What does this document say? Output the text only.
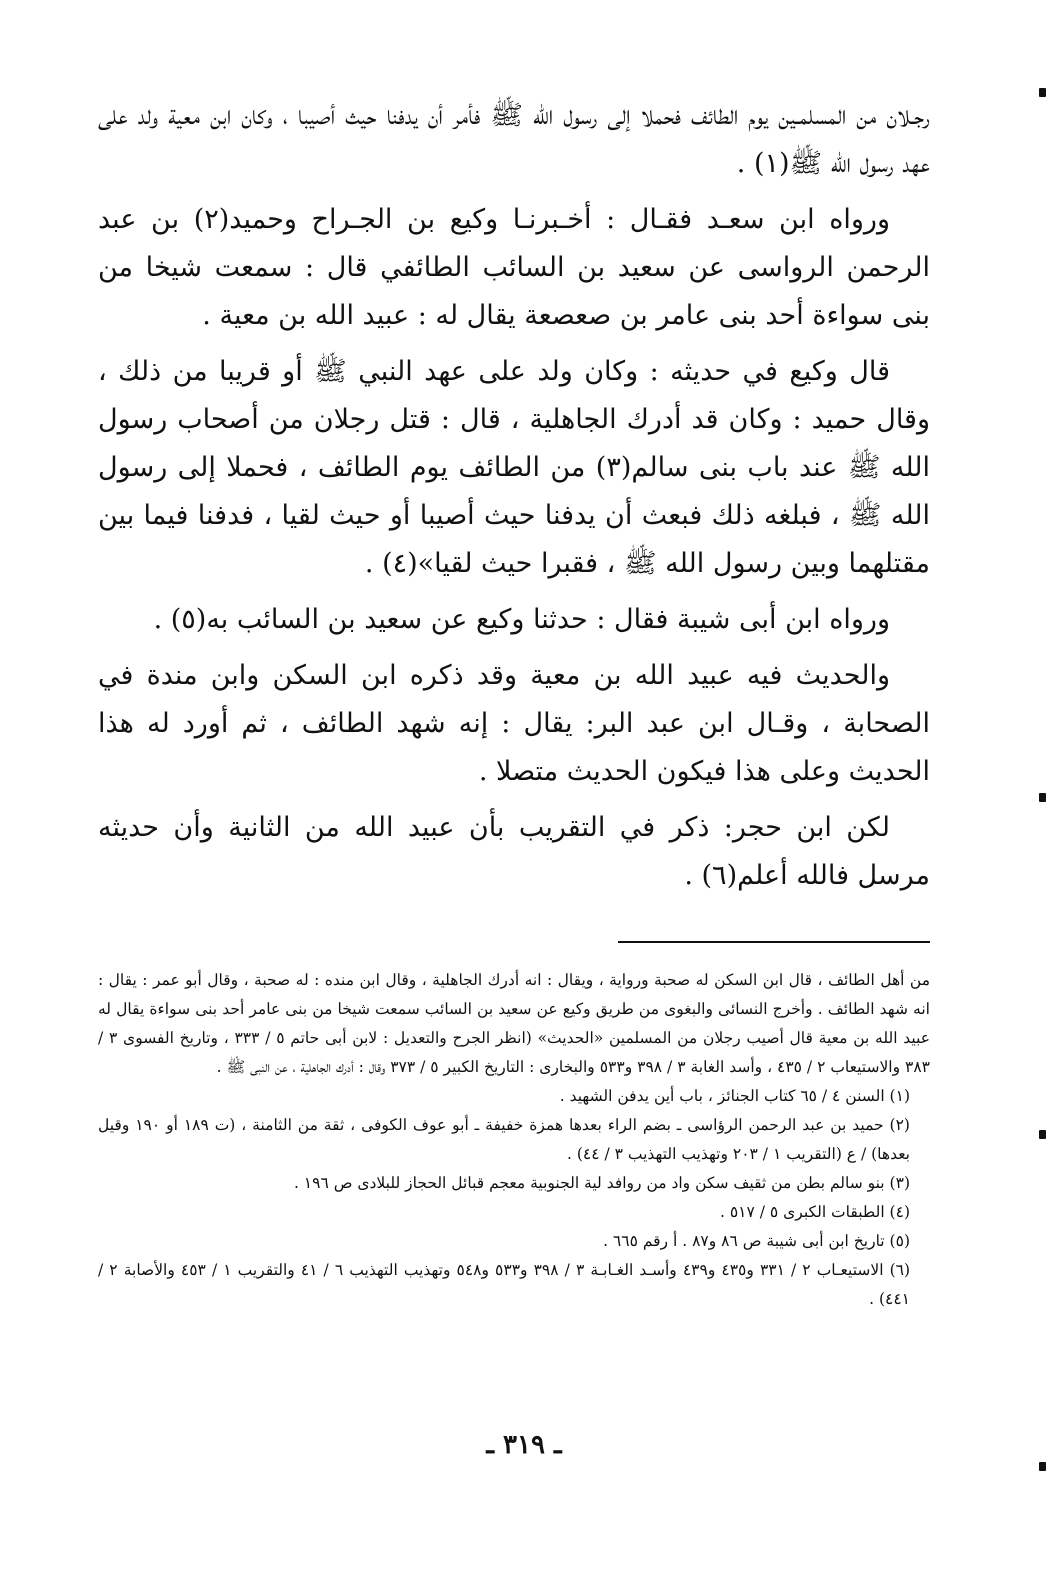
رجـلان من المسلمـين يوم الطائف فحملا إلى رسول الله ﷺ فأمر أن يدفنا حيث أصيبا ، وكان ابن معية ولد على عهد رسول الله ﷺ(١) .

ورواه ابن سعـد فقـال : أخـبرنـا وكيع بن الجـراح وحميد(٢) بن عبد الرحمن الرواسى عن سعيد بن السائب الطائفي قال : سمعت شيخا من بنى سواءة أحد بنى عامر بن صعصعة يقال له : عبيد الله بن معية .

قال وكيع في حديثه : وكان ولد على عهد النبي ﷺ أو قريبا من ذلك ، وقال حميد : وكان قد أدرك الجاهلية ، قال : قتل رجلان من أصحاب رسول الله ﷺ عند باب بنى سالم(٣) من الطائف يوم الطائف ، فحملا إلى رسول الله ﷺ ، فبلغه ذلك فبعث أن يدفنا حيث أصيبا أو حيث لقيا ، فدفنا فيما بين مقتلهما وبين رسول الله ﷺ ، فقبرا حيث لقيا»(٤) .

ورواه ابن أبى شيبة فقال : حدثنا وكيع عن سعيد بن السائب به(٥) .

والحديث فيه عبيد الله بن معية وقد ذكره ابن السكن وابن مندة في الصحابة ، وقـال ابن عبد البر: يقال : إنه شهد الطائف ، ثم أورد له هذا الحديث وعلى هذا فيكون الحديث متصلا .

لكن ابن حجر: ذكر في التقريب بأن عبيد الله من الثانية وأن حديثه مرسل فالله أعلم(٦) .

من أهل الطائف ، قال ابن السكن له صحبة ورواية ، ويقال : انه أدرك الجاهلية ، وقال ابن منده : له صحبة ، وقال أبو عمر : يقال : انه شهد الطائف . وأخرج النسائى والبغوى من طريق وكيع عن سعيد بن السائب سمعت شيخا من بنى عامر أحد بنى سواءة يقال له عبيد الله بن معية قال أصيب رجلان من المسلمين «الحديث» (انظر الجرح والتعديل : لابن أبى حاتم ٥ / ٣٣٣ ، وتاريخ الفسوى ٣ / ٣٨٣ والاستيعاب ٢ / ٤٣٥ ، وأسد الغابة ٣ / ٣٩٨ و٥٣٣ والبخارى : التاريخ الكبير ٥ / ٣٧٣ وقال : أدرك الجاهلية ، عن النبى ﷺ .

(١) السنن ٤ / ٦٥ كتاب الجنائز ، باب أين يدفن الشهيد .

(٢) حميد بن عبد الرحمن الرؤاسى ـ بضم الراء بعدها همزة خفيفة ـ أبو عوف الكوفى ، ثقة من الثامنة ، (ت ١٨٩ أو ١٩٠ وقيل بعدها) / ع (التقريب ١ / ٢٠٣ وتهذيب التهذيب ٣ / ٤٤) .

(٣) بنو سالم بطن من ثقيف سكن واد من روافد لية الجنوبية معجم قبائل الحجاز للبلادى ص ١٩٦ .

(٤) الطبقات الكبرى ٥ / ٥١٧ .

(٥) تاريخ ابن أبى شيبة ص ٨٦ و٨٧ . أ رقم ٦٦٥ .

(٦) الاستيعـاب ٢ / ٣٣١ و٤٣٥ و٤٣٩ وأسـد الغـابـة ٣ / ٣٩٨ و٥٣٣ و٥٤٨ وتهذيب التهذيب ٦ / ٤١ والتقريب ١ / ٤٥٣ والأصابة ٢ / ٤٤١) .

ـ ٣١٩ ـ
